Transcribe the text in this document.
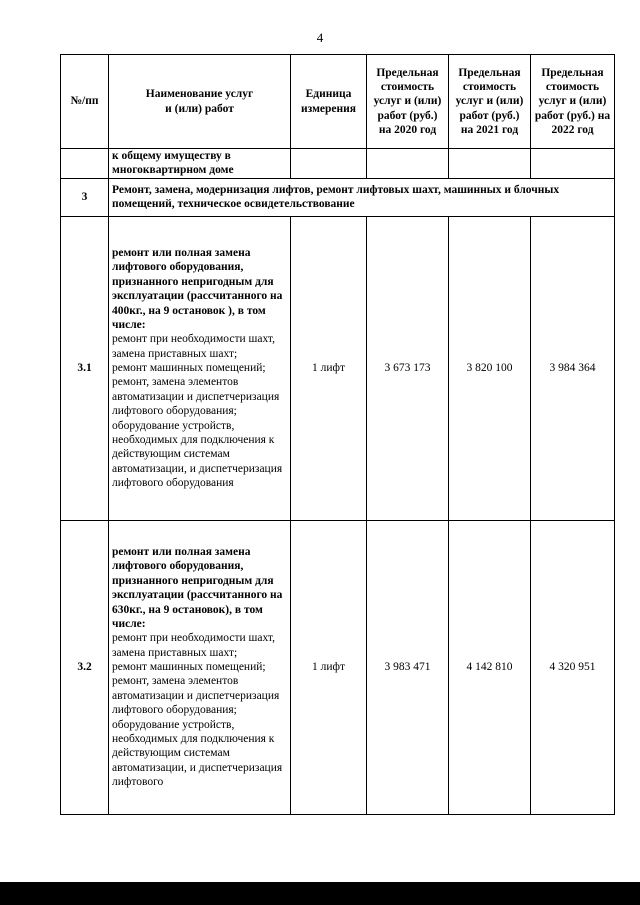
4
№/пп	Наименование услуг
и (или) работ	Единица измерения	Предельная стоимость услуг и (или) работ (руб.) на 2020 год	Предельная стоимость услуг и (или) работ (руб.) на 2021 год	Предельная стоимость услуг и (или) работ (руб.) на 2022 год
	к общему имуществу в многоквартирном доме				
3	Ремонт, замена, модернизация лифтов, ремонт лифтовых шахт, машинных и блочных помещений, техническое освидетельствование				
3.1	ремонт или полная замена лифтового оборудования, признанного непригодным для эксплуатации (рассчитанного на 400кг., на 9 остановок ), в том числе:
ремонт при необходимости шахт, замена приставных шахт;
ремонт машинных помещений;
ремонт, замена элементов автоматизации и диспетчеризация лифтового оборудования;
оборудование устройств, необходимых для подключения к действующим системам автоматизации, и диспетчеризация лифтового оборудования	1 лифт	3 673 173	3 820 100	3 984 364
3.2	ремонт или полная замена лифтового оборудования, признанного непригодным для эксплуатации (рассчитанного на 630кг., на 9 остановок), в том числе:
ремонт при необходимости шахт, замена приставных шахт;
ремонт машинных помещений;
ремонт, замена элементов автоматизации и диспетчеризация лифтового оборудования;
оборудование устройств, необходимых для подключения к действующим системам автоматизации, и диспетчеризация лифтового	1 лифт	3 983 471	4 142 810	4 320 951
